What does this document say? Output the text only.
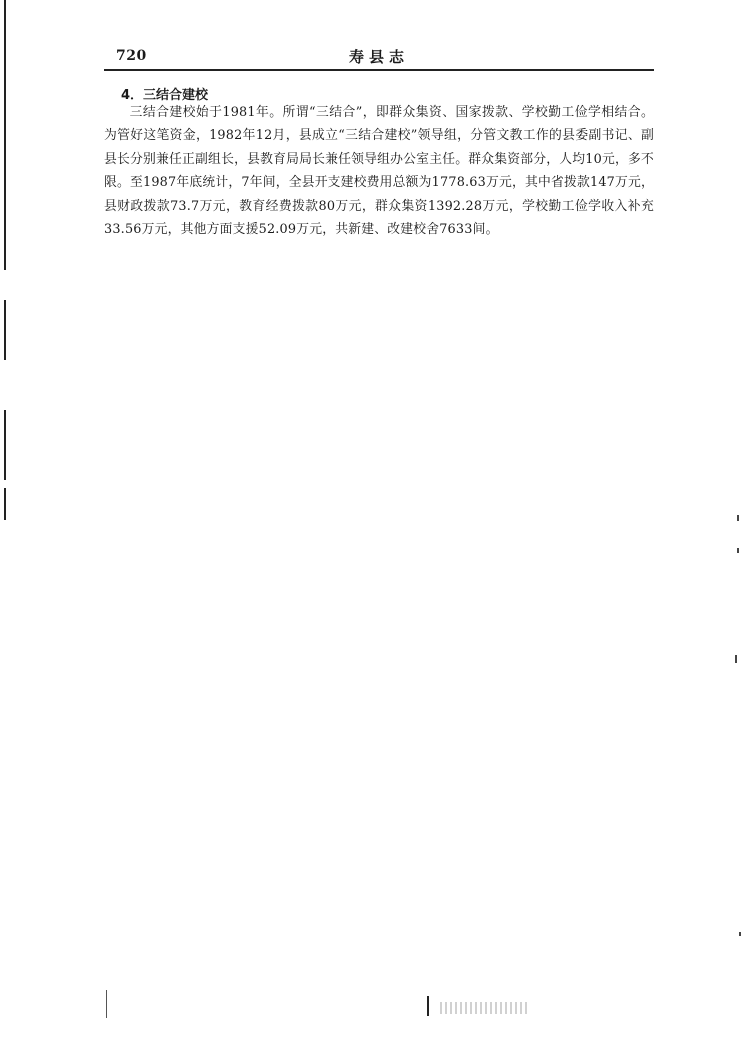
720	寿县志
4．三结合建校

三结合建校始于1981年。所谓“三结合”，即群众集资、国家拨款、学校勤工俭学相结合。为管好这笔资金，1982年12月，县成立“三结合建校”领导组，分管文教工作的县委副书记、副县长分别兼任正副组长，县教育局局长兼任领导组办公室主任。群众集资部分，人均10元，多不限。至1987年底统计，7年间，全县开支建校费用总额为1778.63万元，其中省拨款147万元，县财政拨款73.7万元，教育经费拨款80万元，群众集资1392.28万元，学校勤工俭学收入补充33.56万元，其他方面支援52.09万元，共新建、改建校舍7633间。
